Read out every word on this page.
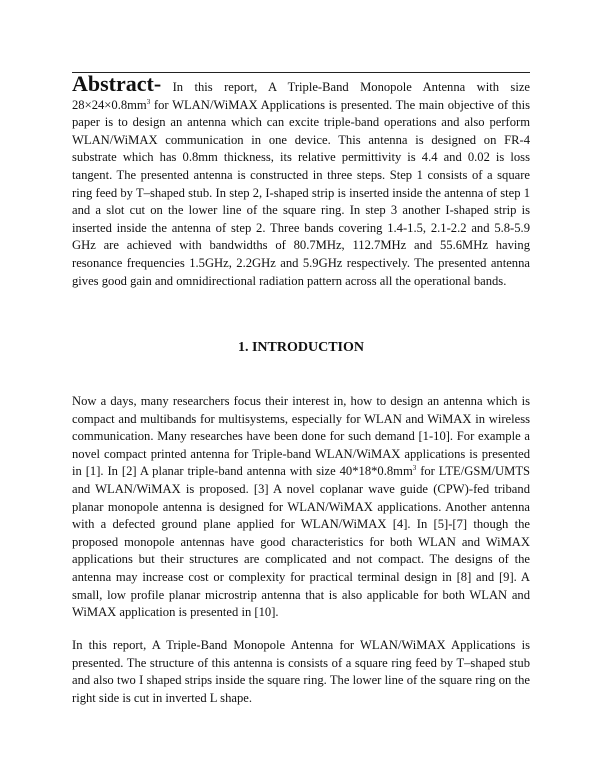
Abstract- In this report, A Triple-Band Monopole Antenna with size $28\times 24\times 0.8mm^3$ for WLAN/WiMAX Applications is presented. The main objective of this paper is to design an antenna which can excite triple-band operations and also perform WLAN/WiMAX communication in one device. This antenna is designed on FR-4 substrate which has 0.8mm thickness, its relative permittivity is 4.4 and 0.02 is loss tangent. The presented antenna is constructed in three steps. Step 1 consists of a square ring feed by T–shaped stub. In step 2, I-shaped strip is inserted inside the antenna of step 1 and a slot cut on the lower line of the square ring. In step 3 another I-shaped strip is inserted inside the antenna of step 2. Three bands covering 1.4-1.5, 2.1-2.2 and 5.8-5.9 GHz are achieved with bandwidths of 80.7MHz, 112.7MHz and 55.6MHz having resonance frequencies 1.5GHz, 2.2GHz and 5.9GHz respectively. The presented antenna gives good gain and omnidirectional radiation pattern across all the operational bands.
1. INTRODUCTION
Now a days, many researchers focus their interest in, how to design an antenna which is compact and multibands for multisystems, especially for WLAN and WiMAX in wireless communication. Many researches have been done for such demand [1-10]. For example a novel compact printed antenna for Triple-band WLAN/WiMAX applications is presented in [1]. In [2] A planar triple-band antenna with size $40*18*0.8mm^3$ for LTE/GSM/UMTS and WLAN/WiMAX is proposed. [3] A novel coplanar wave guide (CPW)-fed triband planar monopole antenna is designed for WLAN/WiMAX applications. Another antenna with a defected ground plane applied for WLAN/WiMAX [4]. In [5]-[7] though the proposed monopole antennas have good characteristics for both WLAN and WiMAX applications but their structures are complicated and not compact. The designs of the antenna may increase cost or complexity for practical terminal design in [8] and [9]. A small, low profile planar microstrip antenna that is also applicable for both WLAN and WiMAX application is presented in [10].
In this report, A Triple-Band Monopole Antenna for WLAN/WiMAX Applications is presented. The structure of this antenna is consists of a square ring feed by T–shaped stub and also two I shaped strips inside the square ring. The lower line of the square ring on the right side is cut in inverted L shape.
